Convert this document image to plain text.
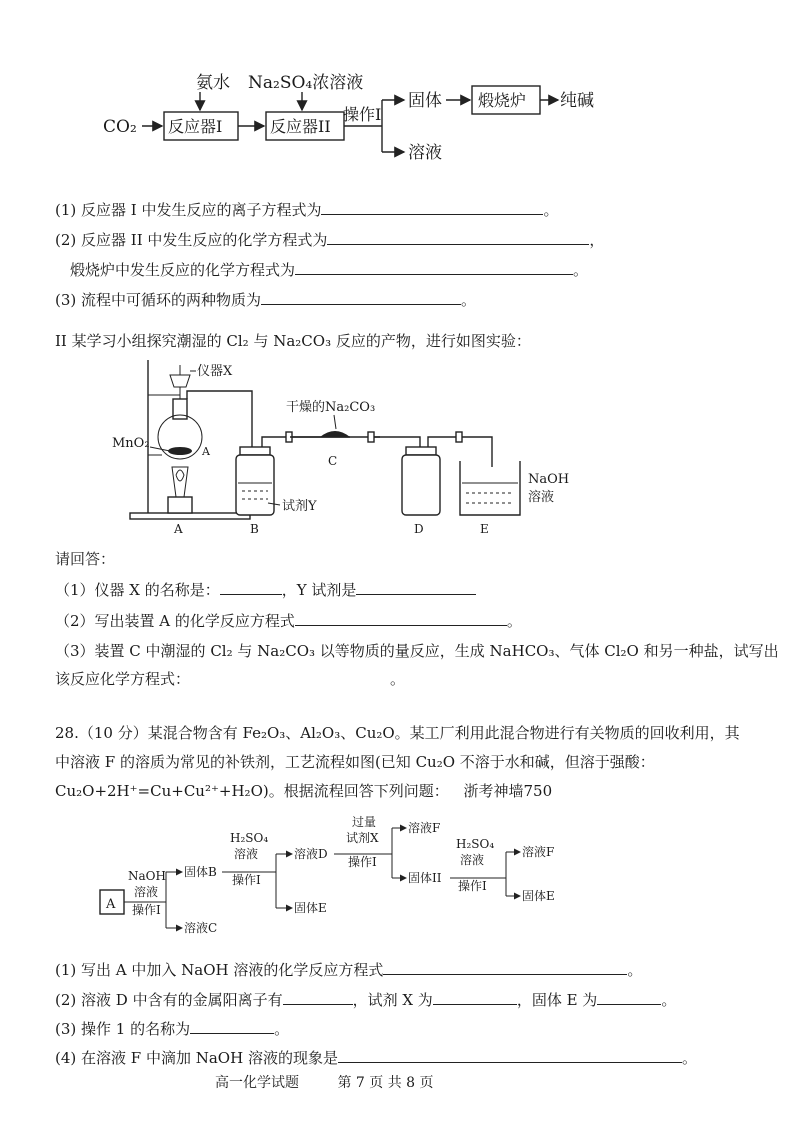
CO₂ 反应器I	反应器II
氨水 Na₂SO₄浓溶液
操作I
固体
溶液
煅烧炉 纯碱
(1) 反应器 I 中发生反应的离子方程式为	。
(2) 反应器 II 中发生反应的化学方程式为	，
煅烧炉中发生反应的化学方程式为	。
(3) 流程中可循环的两种物质为	。
II 某学习小组探究潮湿的 Cl₂ 与 Na₂CO₃ 反应的产物，进行如图实验：
仪器X
MnO₂
A
试剂Y
干燥的Na₂CO₃
C
NaOH
溶液
A	B	D	E
请回答：
（1）仪器 X 的名称是：	，Y 试剂是
（2）写出装置 A 的化学反应方程式	。
（3）装置 C 中潮湿的 Cl₂ 与 Na₂CO₃ 以等物质的量反应，生成 NaHCO₃、气体 Cl₂O 和另一种盐，试写出
该反应化学方程式：	。
28.（10 分）某混合物含有 Fe₂O₃、Al₂O₃、Cu₂O。某工厂利用此混合物进行有关物质的回收利用，其
中溶液 F 的溶质为常见的补铁剂，工艺流程如图(已知 Cu₂O 不溶于水和碱，但溶于强酸：
Cu₂O+2H⁺=Cu+Cu²⁺+H₂O)。根据流程回答下列问题： 浙考神墙750
A
NaOH
溶液
操作I
固体B
溶液C
H₂SO₄
溶液
操作I
溶液D
固体E
过量
试剂X
操作I
溶液F
固体II
H₂SO₄
溶液
操作I
溶液F
固体E
(1) 写出 A 中加入 NaOH 溶液的化学反应方程式	。
(2) 溶液 D 中含有的金属阳离子有	，试剂 X 为	，固体 E 为	。
(3) 操作 1 的名称为	。
(4) 在溶液 F 中滴加 NaOH 溶液的现象是	。
高一化学试题	第 7 页 共 8 页
